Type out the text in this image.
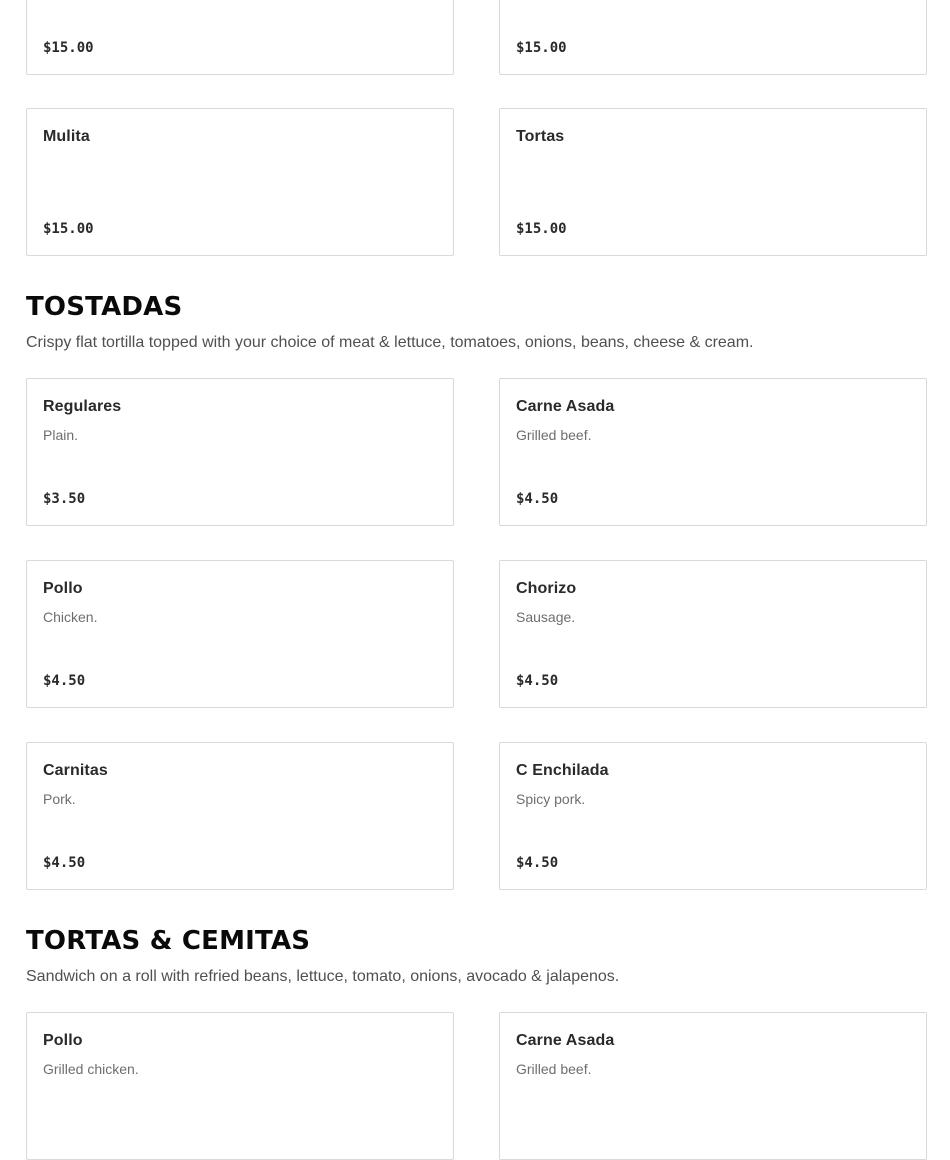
$15.00	$15.00
Mulita
$15.00
Tortas
$15.00
TOSTADAS

Crispy flat tortilla topped with your choice of meat & lettuce, tomatoes, onions, beans, cheese & cream.

Regulares
Plain.
$3.50
Carne Asada
Grilled beef.
$4.50
Pollo
Chicken.
$4.50
Chorizo
Sausage.
$4.50
Carnitas
Pork.
$4.50
C Enchilada
Spicy pork.
$4.50
TORTAS & CEMITAS

Sandwich on a roll with refried beans, lettuce, tomato, onions, avocado & jalapenos.

Pollo
Grilled chicken.
Carne Asada
Grilled beef.
